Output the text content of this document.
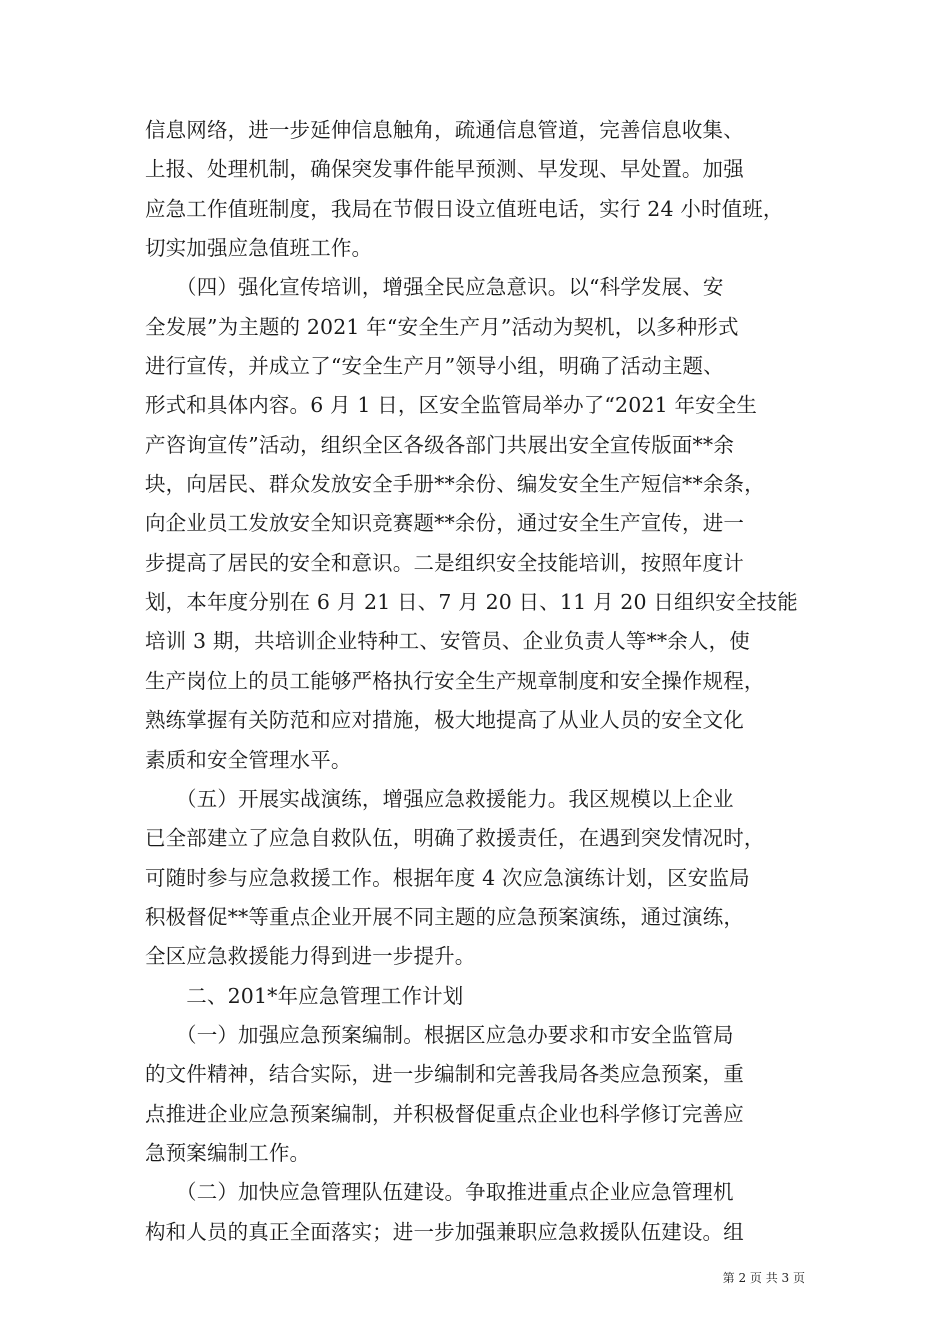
信息网络，进一步延伸信息触角，疏通信息管道，完善信息收集、
上报、处理机制，确保突发事件能早预测、早发现、早处置。加强
应急工作值班制度，我局在节假日设立值班电话，实行 24 小时值班，
切实加强应急值班工作。
　　（四）强化宣传培训，增强全民应急意识。以“科学发展、安
全发展”为主题的 2021 年“安全生产月”活动为契机，以多种形式
进行宣传，并成立了“安全生产月”领导小组，明确了活动主题、
形式和具体内容。6 月 1 日，区安全监管局举办了“2021 年安全生
产咨询宣传”活动，组织全区各级各部门共展出安全宣传版面**余
块，向居民、群众发放安全手册**余份、编发安全生产短信**余条，
向企业员工发放安全知识竞赛题**余份，通过安全生产宣传，进一
步提高了居民的安全和意识。二是组织安全技能培训，按照年度计
划，本年度分别在 6 月 21 日、7 月 20 日、11 月 20 日组织安全技能
培训 3 期，共培训企业特种工、安管员、企业负责人等**余人，使
生产岗位上的员工能够严格执行安全生产规章制度和安全操作规程，
熟练掌握有关防范和应对措施，极大地提高了从业人员的安全文化
素质和安全管理水平。
　　（五）开展实战演练，增强应急救援能力。我区规模以上企业
已全部建立了应急自救队伍，明确了救援责任，在遇到突发情况时，
可随时参与应急救援工作。根据年度 4 次应急演练计划，区安监局
积极督促**等重点企业开展不同主题的应急预案演练，通过演练，
全区应急救援能力得到进一步提升。
　　二、201*年应急管理工作计划
　　（一）加强应急预案编制。根据区应急办要求和市安全监管局
的文件精神，结合实际，进一步编制和完善我局各类应急预案，重
点推进企业应急预案编制，并积极督促重点企业也科学修订完善应
急预案编制工作。
　　（二）加快应急管理队伍建设。争取推进重点企业应急管理机
构和人员的真正全面落实；进一步加强兼职应急救援队伍建设。组
第 2 页 共 3 页
